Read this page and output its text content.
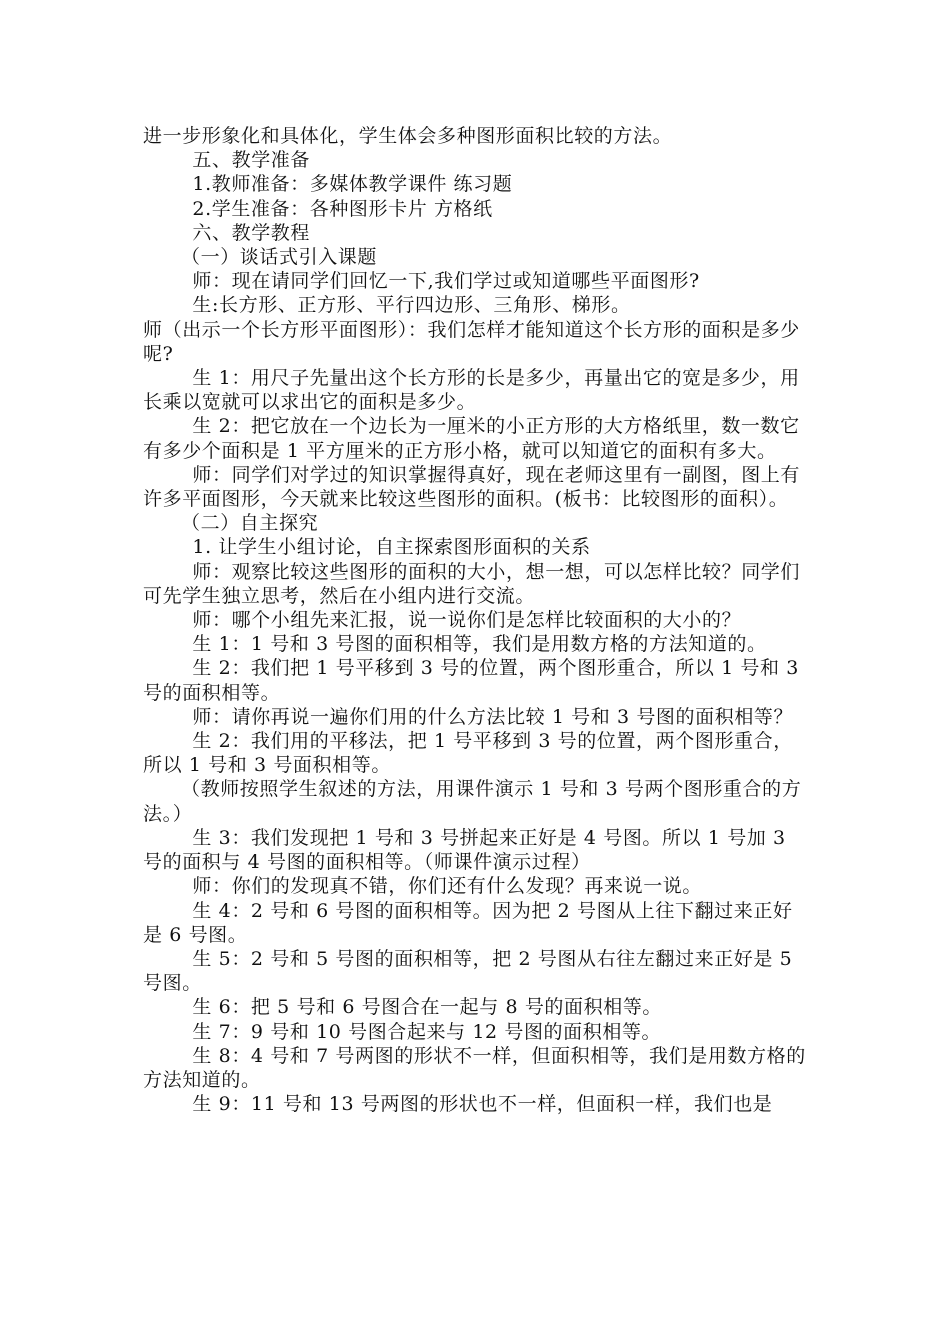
进一步形象化和具体化，学生体会多种图形面积比较的方法。

五、教学准备

1.教师准备：多媒体教学课件 练习题

2.学生准备：各种图形卡片 方格纸

六、教学教程

（一）谈话式引入课题

师：现在请同学们回忆一下,我们学过或知道哪些平面图形?

生:长方形、正方形、平行四边形、三角形、梯形。

师（出示一个长方形平面图形）：我们怎样才能知道这个长方形的面积是多少呢?

生 1：用尺子先量出这个长方形的长是多少，再量出它的宽是多少，用长乘以宽就可以求出它的面积是多少。

生 2：把它放在一个边长为一厘米的小正方形的大方格纸里，数一数它有多少个面积是 1 平方厘米的正方形小格，就可以知道它的面积有多大。

师：同学们对学过的知识掌握得真好，现在老师这里有一副图，图上有许多平面图形，今天就来比较这些图形的面积。(板书：比较图形的面积）。

（二）自主探究

1. 让学生小组讨论，自主探索图形面积的关系

师：观察比较这些图形的面积的大小，想一想，可以怎样比较？同学们可先学生独立思考，然后在小组内进行交流。

师：哪个小组先来汇报，说一说你们是怎样比较面积的大小的？

生 1：1 号和 3 号图的面积相等，我们是用数方格的方法知道的。

生 2：我们把 1 号平移到 3 号的位置，两个图形重合，所以 1 号和 3 号的面积相等。

师：请你再说一遍你们用的什么方法比较 1 号和 3 号图的面积相等？

生 2：我们用的平移法，把 1 号平移到 3 号的位置，两个图形重合，所以 1 号和 3 号面积相等。

（教师按照学生叙述的方法，用课件演示 1 号和 3 号两个图形重合的方法。）

生 3：我们发现把 1 号和 3 号拼起来正好是 4 号图。所以 1 号加 3 号的面积与 4 号图的面积相等。（师课件演示过程）

师：你们的发现真不错，你们还有什么发现？再来说一说。

生 4：2 号和 6 号图的面积相等。因为把 2 号图从上往下翻过来正好是 6 号图。

生 5：2 号和 5 号图的面积相等，把 2 号图从右往左翻过来正好是 5 号图。

生 6：把 5 号和 6 号图合在一起与 8 号的面积相等。

生 7：9 号和 10 号图合起来与 12 号图的面积相等。

生 8：4 号和 7 号两图的形状不一样，但面积相等，我们是用数方格的方法知道的。

生 9：11 号和 13 号两图的形状也不一样，但面积一样，我们也是
